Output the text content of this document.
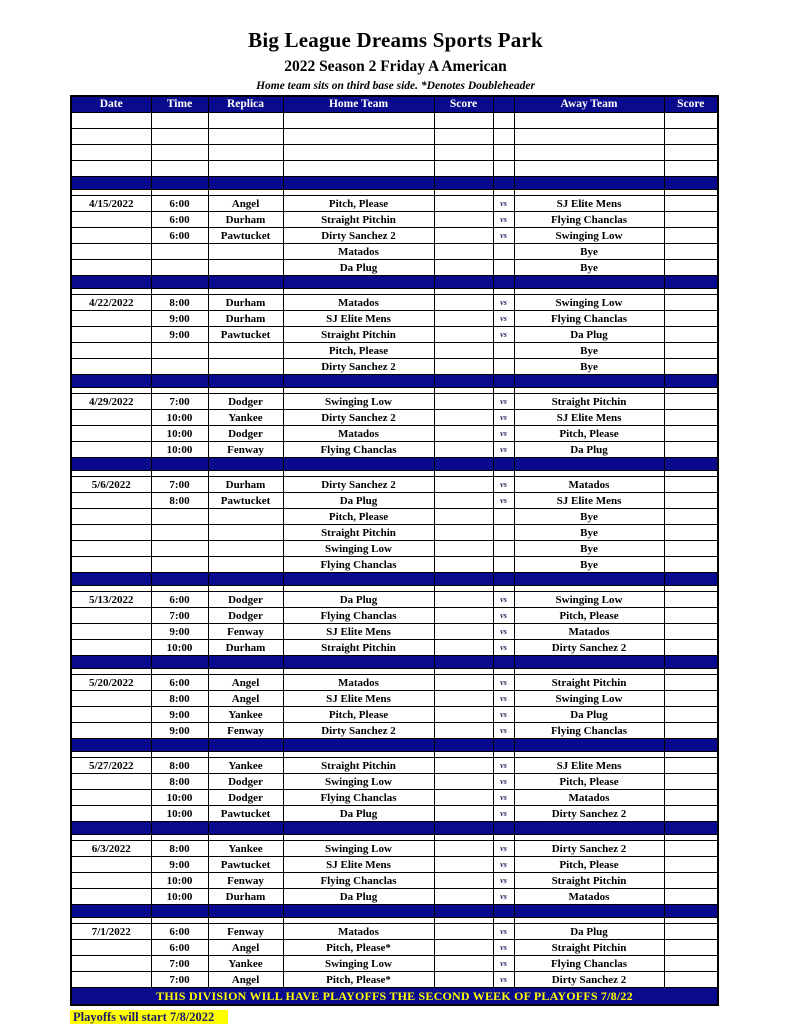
Big League Dreams Sports Park
2022 Season 2 Friday A American
Home team sits on third base side. *Denotes Doubleheader
Date	Time	Replica	Home Team	Score		Away Team	Score

4/15/2022	6:00	Angel	Pitch, Please		vs	SJ Elite Mens	
	6:00	Durham	Straight Pitchin		vs	Flying Chanclas	
	6:00	Pawtucket	Dirty Sanchez 2		vs	Swinging Low	
			Matados			Bye	
			Da Plug			Bye	

4/22/2022	8:00	Durham	Matados		vs	Swinging Low	
	9:00	Durham	SJ Elite Mens		vs	Flying Chanclas	
	9:00	Pawtucket	Straight Pitchin		vs	Da Plug	
			Pitch, Please			Bye	
			Dirty Sanchez 2			Bye	

4/29/2022	7:00	Dodger	Swinging Low		vs	Straight Pitchin	
	10:00	Yankee	Dirty Sanchez 2		vs	SJ Elite Mens	
	10:00	Dodger	Matados		vs	Pitch, Please	
	10:00	Fenway	Flying Chanclas		vs	Da Plug	

5/6/2022	7:00	Durham	Dirty Sanchez 2		vs	Matados	
	8:00	Pawtucket	Da Plug		vs	SJ Elite Mens	
			Pitch, Please			Bye	
			Straight Pitchin			Bye	
			Swinging Low			Bye	
			Flying Chanclas			Bye	

5/13/2022	6:00	Dodger	Da Plug		vs	Swinging Low	
	7:00	Dodger	Flying Chanclas		vs	Pitch, Please	
	9:00	Fenway	SJ Elite Mens		vs	Matados	
	10:00	Durham	Straight Pitchin		vs	Dirty Sanchez 2	

5/20/2022	6:00	Angel	Matados		vs	Straight Pitchin	
	8:00	Angel	SJ Elite Mens		vs	Swinging Low	
	9:00	Yankee	Pitch, Please		vs	Da Plug	
	9:00	Fenway	Dirty Sanchez 2		vs	Flying Chanclas	

5/27/2022	8:00	Yankee	Straight Pitchin		vs	SJ Elite Mens	
	8:00	Dodger	Swinging Low		vs	Pitch, Please	
	10:00	Dodger	Flying Chanclas		vs	Matados	
	10:00	Pawtucket	Da Plug		vs	Dirty Sanchez 2	

6/3/2022	8:00	Yankee	Swinging Low		vs	Dirty Sanchez 2	
	9:00	Pawtucket	SJ Elite Mens		vs	Pitch, Please	
	10:00	Fenway	Flying Chanclas		vs	Straight Pitchin	
	10:00	Durham	Da Plug		vs	Matados	

7/1/2022	6:00	Fenway	Matados		vs	Da Plug	
	6:00	Angel	Pitch, Please*		vs	Straight Pitchin	
	7:00	Yankee	Swinging Low		vs	Flying Chanclas	
	7:00	Angel	Pitch, Please*		vs	Dirty Sanchez 2	
THIS DIVISION WILL HAVE PLAYOFFS THE SECOND WEEK OF PLAYOFFS 7/8/22							
Playoffs will start 7/8/2022
